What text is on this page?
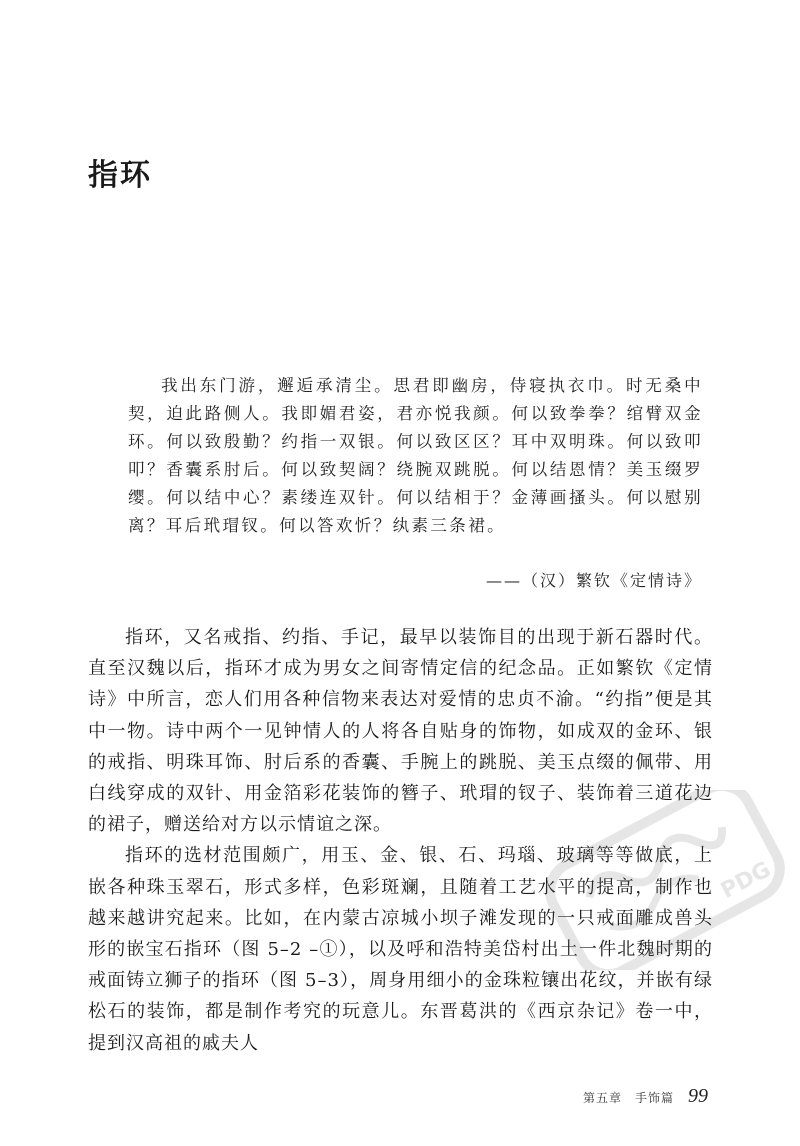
指环

我出东门游，邂逅承清尘。思君即幽房，侍寝执衣巾。时无桑中契，迫此路侧人。我即媚君姿，君亦悦我颜。何以致拳拳？绾臂双金环。何以致殷勤？约指一双银。何以致区区？耳中双明珠。何以致叩叩？香囊系肘后。何以致契阔？绕腕双跳脱。何以结恩情？美玉缀罗缨。何以结中心？素缕连双针。何以结相于？金薄画搔头。何以慰别离？耳后玳瑁钗。何以答欢忻？纨素三条裙。

——（汉）繁钦《定情诗》

指环，又名戒指、约指、手记，最早以装饰目的出现于新石器时代。直至汉魏以后，指环才成为男女之间寄情定信的纪念品。正如繁钦《定情诗》中所言，恋人们用各种信物来表达对爱情的忠贞不渝。“约指”便是其中一物。诗中两个一见钟情人的人将各自贴身的饰物，如成双的金环、银的戒指、明珠耳饰、肘后系的香囊、手腕上的跳脱、美玉点缀的佩带、用白线穿成的双针、用金箔彩花装饰的簪子、玳瑁的钗子、装饰着三道花边的裙子，赠送给对方以示情谊之深。

指环的选材范围颇广，用玉、金、银、石、玛瑙、玻璃等等做底，上嵌各种珠玉翠石，形式多样，色彩斑斓，且随着工艺水平的提高，制作也越来越讲究起来。比如，在内蒙古凉城小坝子滩发现的一只戒面雕成兽头形的嵌宝石指环（图 5–2 –①），以及呼和浩特美岱村出土一件北魏时期的戒面铸立狮子的指环（图 5–3），周身用细小的金珠粒镶出花纹，并嵌有绿松石的装饰，都是制作考究的玩意儿。东晋葛洪的《西京杂记》卷一中，提到汉高祖的戚夫人

PDG
第五章　手饰篇 99
